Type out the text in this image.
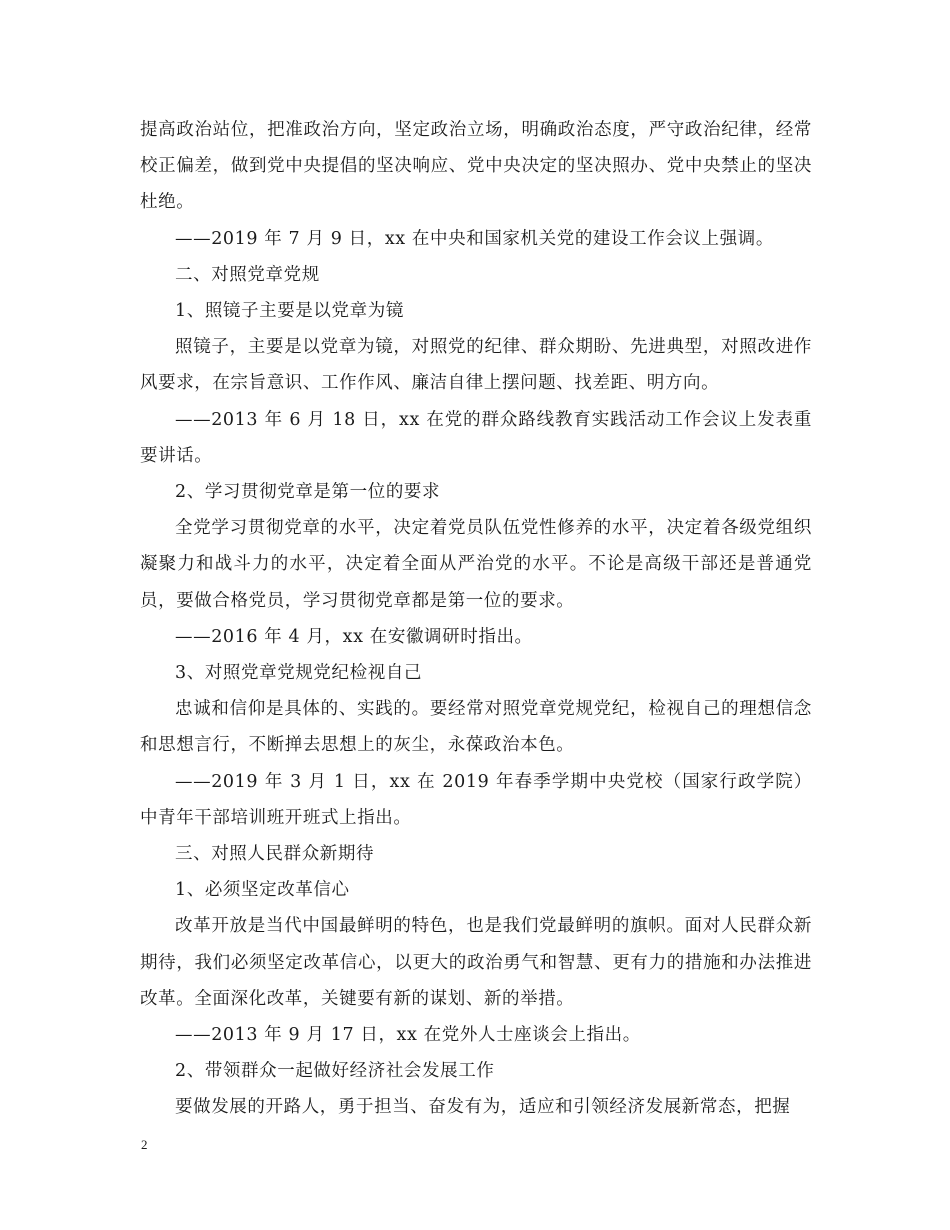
提高政治站位，把准政治方向，坚定政治立场，明确政治态度，严守政治纪律，经常校正偏差，做到党中央提倡的坚决响应、党中央决定的坚决照办、党中央禁止的坚决杜绝。

——2019 年 7 月 9 日，xx 在中央和国家机关党的建设工作会议上强调。

二、对照党章党规

1、照镜子主要是以党章为镜

照镜子，主要是以党章为镜，对照党的纪律、群众期盼、先进典型，对照改进作风要求，在宗旨意识、工作作风、廉洁自律上摆问题、找差距、明方向。

——2013 年 6 月 18 日，xx 在党的群众路线教育实践活动工作会议上发表重要讲话。

2、学习贯彻党章是第一位的要求

全党学习贯彻党章的水平，决定着党员队伍党性修养的水平，决定着各级党组织凝聚力和战斗力的水平，决定着全面从严治党的水平。不论是高级干部还是普通党员，要做合格党员，学习贯彻党章都是第一位的要求。

——2016 年 4 月，xx 在安徽调研时指出。

3、对照党章党规党纪检视自己

忠诚和信仰是具体的、实践的。要经常对照党章党规党纪，检视自己的理想信念和思想言行，不断掸去思想上的灰尘，永葆政治本色。

——2019 年 3 月 1 日，xx 在 2019 年春季学期中央党校（国家行政学院）中青年干部培训班开班式上指出。

三、对照人民群众新期待

1、必须坚定改革信心

改革开放是当代中国最鲜明的特色，也是我们党最鲜明的旗帜。面对人民群众新期待，我们必须坚定改革信心，以更大的政治勇气和智慧、更有力的措施和办法推进改革。全面深化改革，关键要有新的谋划、新的举措。

——2013 年 9 月 17 日，xx 在党外人士座谈会上指出。

2、带领群众一起做好经济社会发展工作

要做发展的开路人，勇于担当、奋发有为，适应和引领经济发展新常态，把握

2
